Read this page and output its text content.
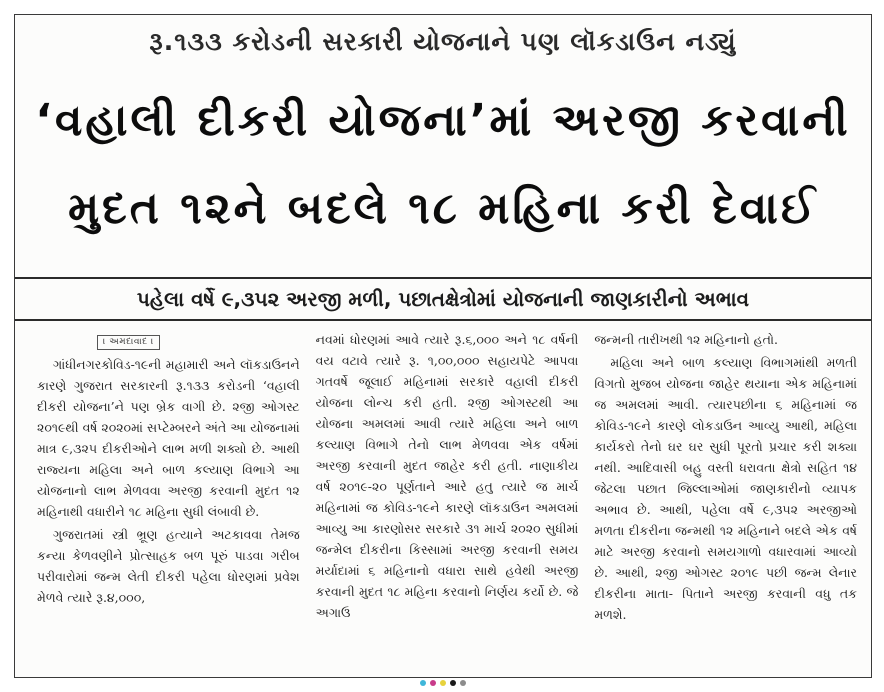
રૂ.૧૩૩ કરોડની સરકારી યોજનાને પણ લૉકડાઉન નડ્યું
‘વહાલી દીકરી યોજના’માં અરજી કરવાની
મુદત ૧૨ને બદલે ૧૮ મહિના કરી દેવાઈ
પહેલા વર્ષે ૯,૩૫૨ અરજી મળી, પછાતક્ષેત્રોમાં યોજનાની જાણકારીનો અભાવ
। અમદાવાદ ।

ગાંધીનગરકોવિડ-૧૯ની મહામારી અને લૉકડાઉનને કારણે ગુજરાત સરકારની રૂ.૧૩૩ કરોડની ‘વહાલી દીકરી યોજના’ને પણ બ્રેક વાગી છે. ૨જી ઓગસ્ટ ૨૦૧૯થી વર્ષ ૨૦૨૦માં સપ્ટેમ્બરને અંતે આ યોજનામાં માત્ર ૯,૩૨૫ દીકરીઓને લાભ મળી શક્યો છે. આથી રાજ્યના મહિલા અને બાળ કલ્યાણ વિભાગે આ યોજનાનો લાભ મેળવવા અરજી કરવાની મુદત ૧૨ મહિનાથી વધારીને ૧૮ મહિના સુધી લંબાવી છે.

ગુજરાતમાં સ્ત્રી ભ્રૂણ હત્યાને અટકાવવા તેમજ કન્યા કેળવણીને પ્રોત્સાહક બળ પૂરું પાડવા ગરીબ પરીવારોમાં જન્મ લેતી દીકરી પહેલા ધોરણમાં પ્રવેશ મેળવે ત્યારે રૂ.૪,૦૦૦,

નવમાં ધોરણમાં આવે ત્યારે રૂ.૬,૦૦૦ અને ૧૮ વર્ષની વય વટાવે ત્યારે રૂ. ૧,૦૦,૦૦૦ સહાયપેટે આપવા ગતવર્ષે જૂલાઈ મહિનામાં સરકારે વહાલી દીકરી યોજના લોન્ચ કરી હતી. ૨જી ઓગસ્ટથી આ યોજના અમલમાં આવી ત્યારે મહિલા અને બાળ કલ્યાણ વિભાગે તેનો લાભ મેળવવા એક વર્ષમાં અરજી કરવાની મુદત જાહેર કરી હતી. નાણાકીય વર્ષ ૨૦૧૯-૨૦ પૂર્ણતાને આરે હતુ ત્યારે જ માર્ચ મહિનામાં જ કોવિડ-૧૯ને કારણે લૉકડાઉન અમલમાં આવ્યુ આ કારણોસર સરકારે ૩૧ માર્ચ ૨૦૨૦ સુધીમાં જન્મેલ દીકરીના કિસ્સામાં અરજી કરવાની સમય મર્યાદામાં ૬ મહિનાનો વધારા સાથે હવેથી અરજી કરવાની મુદત ૧૮ મહિના કરવાનો નિર્ણય કર્યો છે. જે અગાઉ

જન્મની તારીખથી ૧૨ મહિનાનો હતો.

મહિલા અને બાળ કલ્યાણ વિભાગમાંથી મળતી વિગતો મુજબ યોજના જાહેર થયાના એક મહિનામાં જ અમલમાં આવી. ત્યારપછીના ૬ મહિનામાં જ કોવિડ-૧૯ને કારણે લોકડાઉન આવ્યુ આથી, મહિલા કાર્યકરો તેનો ઘર ઘર સુધી પૂરતો પ્રચાર કરી શક્યા નથી. આદિવાસી બહુ વસ્તી ધરાવતા ક્ષેત્રો સહિત ૧૪ જેટલા પછાત જિલ્લાઓમાં જાણકારીનો વ્યાપક અભાવ છે. આથી, પહેલા વર્ષે ૯,૩૫૨ અરજીઓ મળતા દીકરીના જન્મથી ૧૨ મહિનાને બદલે એક વર્ષ માટે અરજી કરવાનો સમયગાળો વધારવામાં આવ્યો છે. આથી, ૨જી ઓગસ્ટ ૨૦૧૯ પછી જન્મ લેનાર દીકરીના માતા- પિતાને અરજી કરવાની વધુ તક મળશે.
